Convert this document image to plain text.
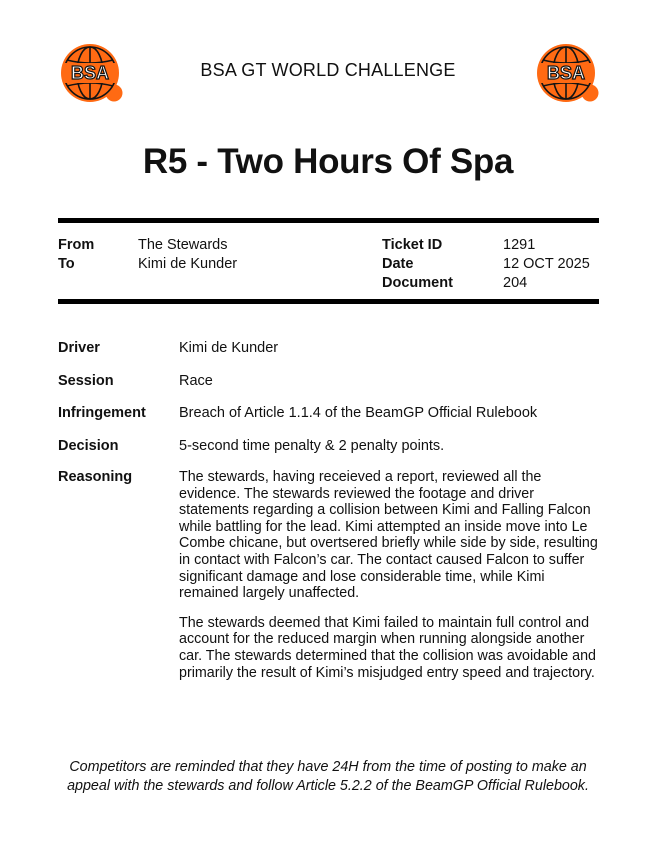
BSA	BSA GT WORLD CHALLENGE	BSA
R5 - Two Hours Of Spa
From	The Stewards
To	Kimi de Kunder
Ticket ID	1291
Date	12 OCT 2025
Document	204
Driver	Kimi de Kunder
Session	Race
Infringement Breach of Article 1.1.4 of the BeamGP Official Rulebook
Decision	5-second time penalty & 2 penalty points.
Reasoning	The stewards, having receieved a report, reviewed all the evidence. The stewards reviewed the footage and driver statements regarding a collision between Kimi and Falling Falcon while battling for the lead. Kimi attempted an inside move into Le Combe chicane, but overtsered briefly while side by side, resulting in contact with Falcon’s car. The contact caused Falcon to suffer significant damage and lose considerable time, while Kimi remained largely unaffected.

The stewards deemed that Kimi failed to maintain full control and account for the reduced margin when running alongside another car. The stewards determined that the collision was avoidable and primarily the result of Kimi’s misjudged entry speed and trajectory.

Competitors are reminded that they have 24H from the time of posting to make an appeal with the stewards and follow Article 5.2.2 of the BeamGP Official Rulebook.
